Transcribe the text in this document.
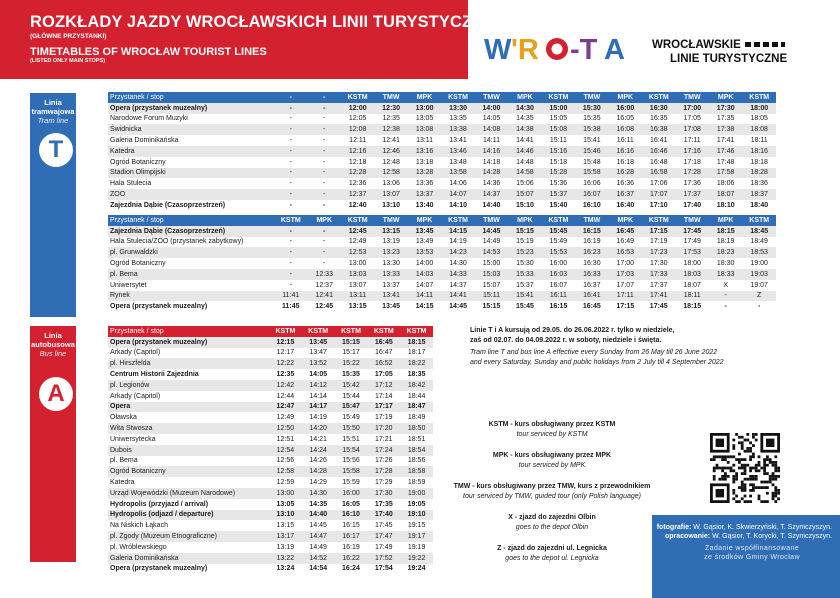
ROZKŁADY JAZDY WROCŁAWSKICH LINII TURYSTYCZNYCH
(GŁÓWNE PRZYSTANKI)
TIMETABLES OF WROCŁAW TOURIST LINES
(LISTED ONLY MAIN STOPS)	W 'R -T A WROCŁAWSKIE
LINIE TURYSTYCZNE
Linia tramwajowa
Tram line
T
Linia autobusowa
Bus line
A
Przystanek / stop	-	-	KSTM	TMW	MPK	KSTM	TMW	MPK	KSTM	TMW	MPK	KSTM	TMW	MPK	KSTM
Opera (przystanek muzealny)	-	-	12:00	12:30	13:00	13:30	14:00	14:30	15:00	15:30	16:00	16:30	17:00	17:30	18:00
Narodowe Forum Muzyki	-	-	12:05	12:35	13:05	13:35	14:05	14:35	15:05	15:35	16:05	16:35	17:05	17:35	18:05
Świdnicka	-	-	12:08	12:38	13:08	13:38	14:08	14:38	15:08	15:38	16:08	16:38	17:08	17:38	18:08
Galeria Dominikańska	-	-	12:11	12:41	13:11	13:41	14:11	14:41	15:11	15:41	16:11	16:41	17:11	17:41	18:11
Katedra	-	-	12:16	12:46	13:16	13:46	14:16	14:46	15:16	15:46	16:16	16:46	17:16	17:46	18:16
Ogród Botaniczny	-	-	12:18	12:48	13:18	13:48	14:18	14:48	15:18	15:48	16:18	16:48	17:18	17:48	18:18
Stadion Olimpijski	-	-	12:28	12:58	13:28	13:58	14:28	14:58	15:28	15:58	16:28	16:58	17:28	17:58	18:28
Hala Stulecia	-	-	12:36	13:06	13:36	14:06	14:36	15:06	15:36	16:06	16:36	17:06	17:36	18:06	18:36
ZOO	-	-	12:37	13:07	13:37	14:07	14:37	15:07	15:37	16:07	16:37	17:07	17:37	18:07	18:37
Zajezdnia Dąbie (Czasoprzestrzeń)	-	-	12:40	13:10	13:40	14:10	14:40	15:10	15:40	16:10	16:40	17:10	17:40	18:10	18:40
Przystanek / stop	KSTM	MPK	KSTM	TMW	MPK	KSTM	TMW	MPK	KSTM	TMW	MPK	KSTM	TMW	MPK	KSTM
Zajezdnia Dąbie (Czasoprzestrzeń)	-	-	12:45	13:15	13:45	14:15	14:45	15:15	15:45	16:15	16:45	17:15	17:45	18:15	18:45
Hala Stulecia/ZOO (przystanek zabytkowy)	-	-	12:49	13:19	13:49	14:19	14:49	15:19	15:49	16:19	16:49	17:19	17:49	18:19	18:49
pl. Grunwaldzki	-	-	12:53	13:23	13:53	14:23	14:53	15:23	15:53	16:23	16:53	17:23	17:53	18:23	18:53
Ogród Botaniczny	-	-	13:00	13:30	14:00	14:30	15:00	15:30	16:00	16:30	17:00	17:30	18:00	18:30	19:00
pl. Bema	-	12:33	13:03	13:33	14:03	14:33	15:03	15:33	16:03	16:33	17:03	17:33	18:03	18:33	19:03
Uniwersytet	-	12:37	13:07	13:37	14:07	14:37	15:07	15:37	16:07	16:37	17:07	17:37	18:07	X	19:07
Rynek	11:41	12:41	13:11	13:41	14:11	14:41	15:11	15:41	16:11	16:41	17:11	17:41	18:11	-	Z
Opera (przystanek muzealny)	11:45	12:45	13:15	13:45	14:15	14:45	15:15	15:45	16:15	16:45	17:15	17:45	18:15	-	-
Przystanek / stop	KSTM	KSTM	KSTM	KSTM	KSTM
Opera (przystanek muzealny)	12:15	13:45	15:15	16:45	18:15
Arkady (Capitol)	12:17	13:47	15:17	16:47	18:17
pl. Hirszfelda	12:22	13:52	15:22	16:52	18:22
Centrum Historii Zajezdnia	12:35	14:05	15:35	17:05	18:35
pl. Legionów	12:42	14:12	15:42	17:12	18:42
Arkady (Capitol)	12:44	14:14	15:44	17:14	18:44
Opera	12:47	14:17	15:47	17:17	18:47
Oławska	12:49	14:19	15:49	17:19	18:49
Wita Stwosza	12:50	14:20	15:50	17:20	18:50
Uniwersytecka	12:51	14:21	15:51	17:21	18:51
Dubois	12:54	14:24	15:54	17:24	18:54
pl. Bema	12:56	14:26	15:56	17:26	18:56
Ogród Botaniczny	12:58	14:28	15:58	17:28	18:58
Katedra	12:59	14:29	15:59	17:29	18:59
Urząd Wojewódzki (Muzeum Narodowe)	13:00	14:30	16:00	17:30	19:00
Hydropolis (przyjazd / arrival)	13:05	14:35	16:05	17:35	19:05
Hydropolis (odjazd / departure)	13:10	14:40	16:10	17:40	19:10
Na Niskich Łąkach	13:15	14:45	16:15	17:45	19:15
pl. Zgody (Muzeum Etnograficzne)	13:17	14:47	16:17	17:47	19:17
pl. Wróblewskiego	13:19	14:49	16:19	17:49	19:19
Galeria Dominikańska	13:22	14:52	16:22	17:52	19:22
Opera (przystanek muzealny)	13:24	14:54	16:24	17:54	19:24
Linie T i A kursują od 29.05. do 26.06.2022 r. tylko w niedziele,
zaś od 02.07. do 04.09.2022 r. w soboty, niedziele i święta.
Tram line T and bus line A effective every Sunday from 26 May till 26 June 2022
and every Saturday, Sunday and public holidays from 2 July till 4 September 2022
KSTM - kurs obsługiwany przez KSTM
tour serviced by KSTM
MPK - kurs obsługiwany przez MPK
tour serviced by MPK
TMW - kurs obsługiwany przez TMW, kurs z przewodnikiem
tour serviced by TMW, guided tour (only Polish language)
X - zjazd do zajezdni Olbin
goes to the depot Olbin
Z - zjazd do zajezdni ul. Legnicka
goes to the depot ul. Legnicka
fotografie: W. Gąsior, K. Skwierzyński, T. Szymczyszyn.
opracowanie: W. Gąsior, T. Korycki, T. Szymczyszyn.
Zadanie współfinansowane
ze środków Gminy Wrocław
